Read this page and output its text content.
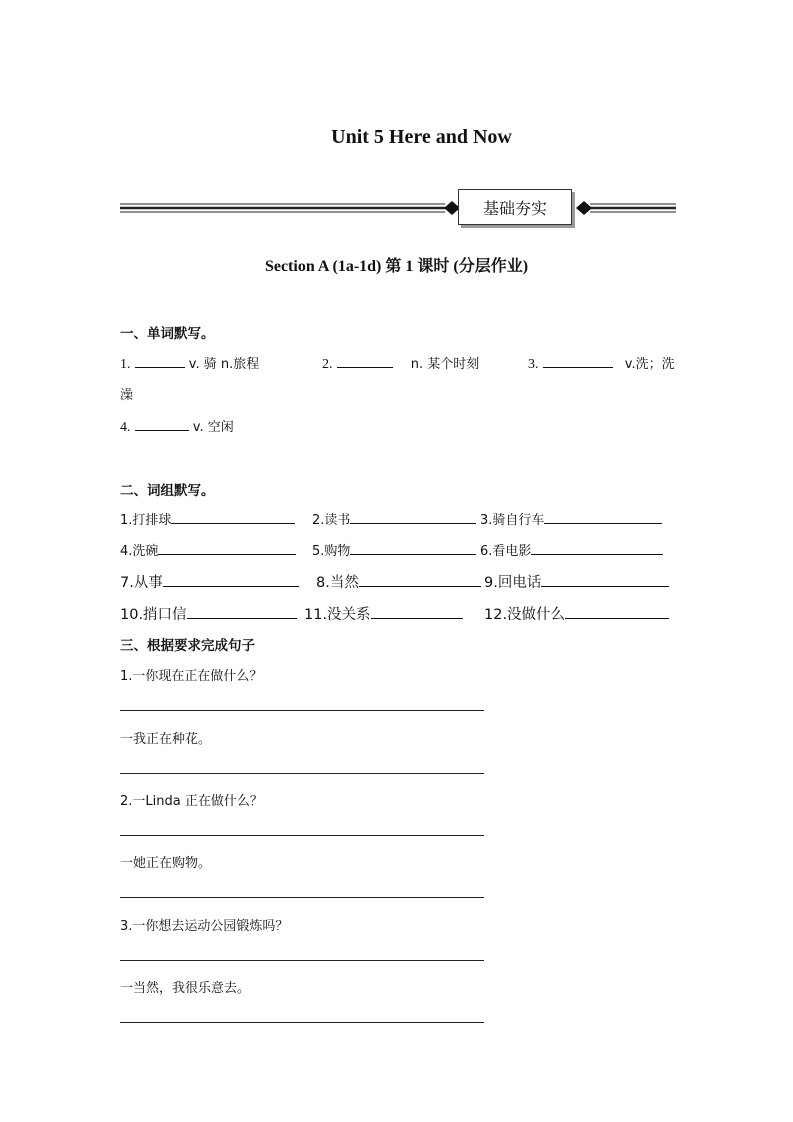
Unit 5 Here and Now
基础夯实
Section A (1a-1d) 第 1 课时 (分层作业)
一、单词默写。
1.	v. 骑 n.旅程	2.	n. 某个时刻	3.	v.洗；洗
澡
4.	v. 空闲
二、词组默写。
1.打排球	2.读书	3.骑自行车
4.洗碗	5.购物	6.看电影
7.从事	8.当然	9.回电话
10.捎口信	11.没关系	12.没做什么
三、根据要求完成句子
1.一你现在正在做什么？
一我正在种花。
2.一Linda 正在做什么？
一她正在购物。
3.一你想去运动公园锻炼吗？
一当然，我很乐意去。
